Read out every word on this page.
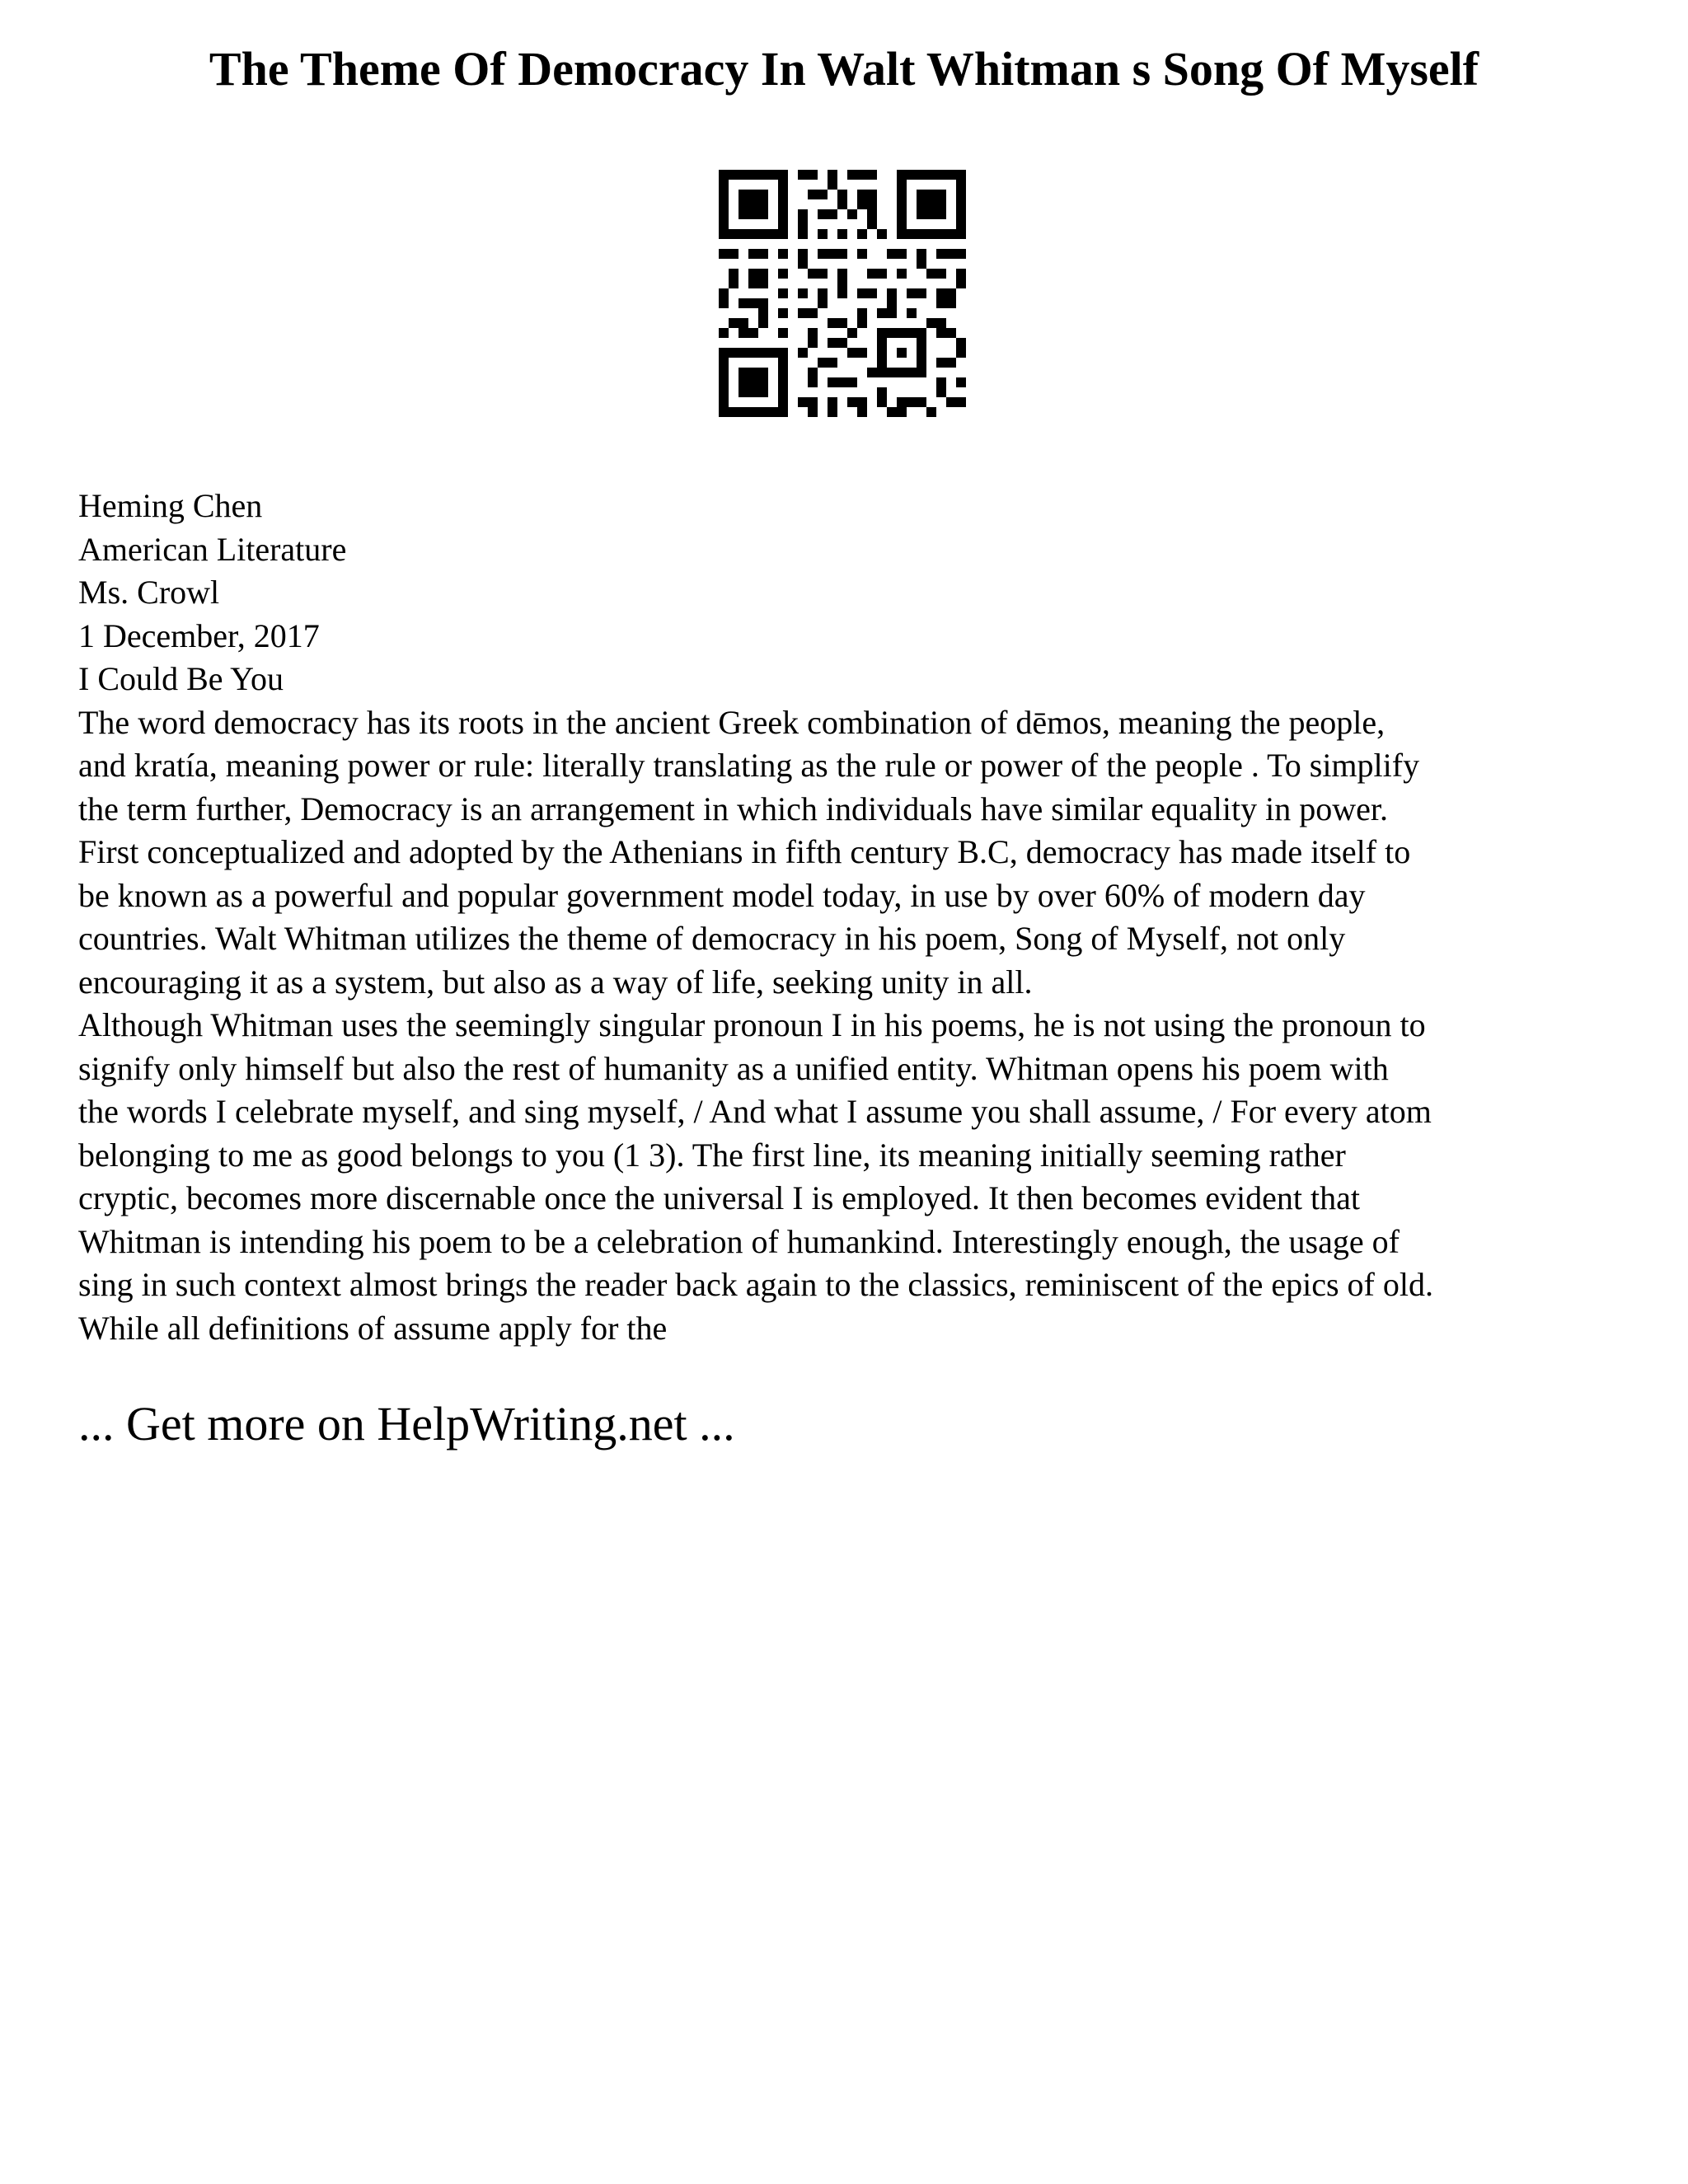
The Theme Of Democracy In Walt Whitman s Song Of Myself
Heming Chen
American Literature
Ms. Crowl
1 December, 2017
I Could Be You
The word democracy has its roots in the ancient Greek combination of dēmos, meaning the people,
and kratía, meaning power or rule: literally translating as the rule or power of the people . To simplify
the term further, Democracy is an arrangement in which individuals have similar equality in power.
First conceptualized and adopted by the Athenians in fifth century B.C, democracy has made itself to
be known as a powerful and popular government model today, in use by over 60% of modern day
countries. Walt Whitman utilizes the theme of democracy in his poem, Song of Myself, not only
encouraging it as a system, but also as a way of life, seeking unity in all.
Although Whitman uses the seemingly singular pronoun I in his poems, he is not using the pronoun to
signify only himself but also the rest of humanity as a unified entity. Whitman opens his poem with
the words I celebrate myself, and sing myself, / And what I assume you shall assume, / For every atom
belonging to me as good belongs to you (1 3). The first line, its meaning initially seeming rather
cryptic, becomes more discernable once the universal I is employed. It then becomes evident that
Whitman is intending his poem to be a celebration of humankind. Interestingly enough, the usage of
sing in such context almost brings the reader back again to the classics, reminiscent of the epics of old.
While all definitions of assume apply for the
... Get more on HelpWriting.net ...
